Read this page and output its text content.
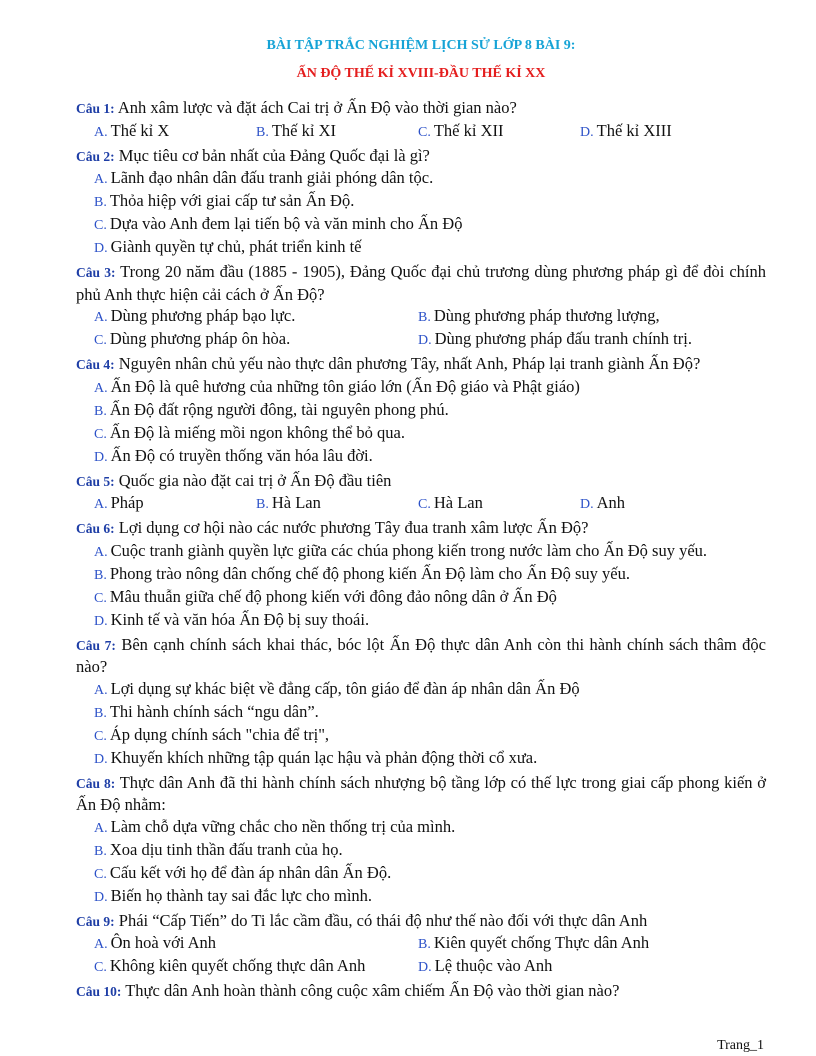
BÀI TẬP TRẮC NGHIỆM LỊCH SỬ LỚP 8 BÀI 9:
ẤN ĐỘ THẾ KỈ XVIII-ĐẦU THẾ KỈ XX
Câu 1: Anh xâm lược và đặt ách Cai trị ở Ấn Độ vào thời gian nào?
A. Thế kỉ X	B. Thế kỉ XI	C. Thế kỉ XII	D. Thế kỉ XIII
Câu 2: Mục tiêu cơ bản nhất của Đảng Quốc đại là gì?
A. Lãnh đạo nhân dân đấu tranh giải phóng dân tộc.
B. Thỏa hiệp với giai cấp tư sản Ấn Độ.
C. Dựa vào Anh đem lại tiến bộ và văn minh cho Ấn Độ
D. Giành quyền tự chủ, phát triển kinh tế
Câu 3: Trong 20 năm đầu (1885 - 1905), Đảng Quốc đại chủ trương dùng phương pháp gì để đòi chính phủ Anh thực hiện cải cách ở Ấn Độ?
A. Dùng phương pháp bạo lực.	B. Dùng phương pháp thương lượng,
C. Dùng phương pháp ôn hòa.	D. Dùng phương pháp đấu tranh chính trị.
Câu 4: Nguyên nhân chủ yếu nào thực dân phương Tây, nhất Anh, Pháp lại tranh giành Ấn Độ?
A. Ấn Độ là quê hương của những tôn giáo lớn (Ấn Độ giáo và Phật giáo)
B. Ấn Độ đất rộng người đông, tài nguyên phong phú.
C. Ấn Độ là miếng mồi ngon không thể bỏ qua.
D. Ấn Độ có truyền thống văn hóa lâu đời.
Câu 5: Quốc gia nào đặt cai trị ở Ấn Độ đầu tiên
A. Pháp	B. Hà Lan	C. Hà Lan	D. Anh
Câu 6: Lợi dụng cơ hội nào các nước phương Tây đua tranh xâm lược Ấn Độ?
A. Cuộc tranh giành quyền lực giữa các chúa phong kiến trong nước làm cho Ấn Độ suy yếu.
B. Phong trào nông dân chống chế độ phong kiến Ấn Độ làm cho Ấn Độ suy yếu.
C. Mâu thuẫn giữa chế độ phong kiến với đông đảo nông dân ở Ấn Độ
D. Kinh tế và văn hóa Ấn Độ bị suy thoái.
Câu 7: Bên cạnh chính sách khai thác, bóc lột Ấn Độ thực dân Anh còn thi hành chính sách thâm độc nào?
A. Lợi dụng sự khác biệt về đẳng cấp, tôn giáo để đàn áp nhân dân Ấn Độ
B. Thi hành chính sách “ngu dân”.
C. Áp dụng chính sách "chia để trị",
D. Khuyến khích những tập quán lạc hậu và phản động thời cổ xưa.
Câu 8: Thực dân Anh đã thi hành chính sách nhượng bộ tầng lớp có thế lực trong giai cấp phong kiến ở Ấn Độ nhằm:
A. Làm chỗ dựa vững chắc cho nền thống trị của mình.
B. Xoa dịu tinh thần đấu tranh của họ.
C. Cấu kết với họ để đàn áp nhân dân Ấn Độ.
D. Biến họ thành tay sai đắc lực cho mình.
Câu 9: Phái “Cấp Tiến” do Ti lắc cầm đầu, có thái độ như thế nào đối với thực dân Anh
A. Ôn hoà với Anh	B. Kiên quyết chống Thực dân Anh
C. Không kiên quyết chống thực dân Anh	D. Lệ thuộc vào Anh
Câu 10: Thực dân Anh hoàn thành công cuộc xâm chiếm Ấn Độ vào thời gian nào?
Trang_1
